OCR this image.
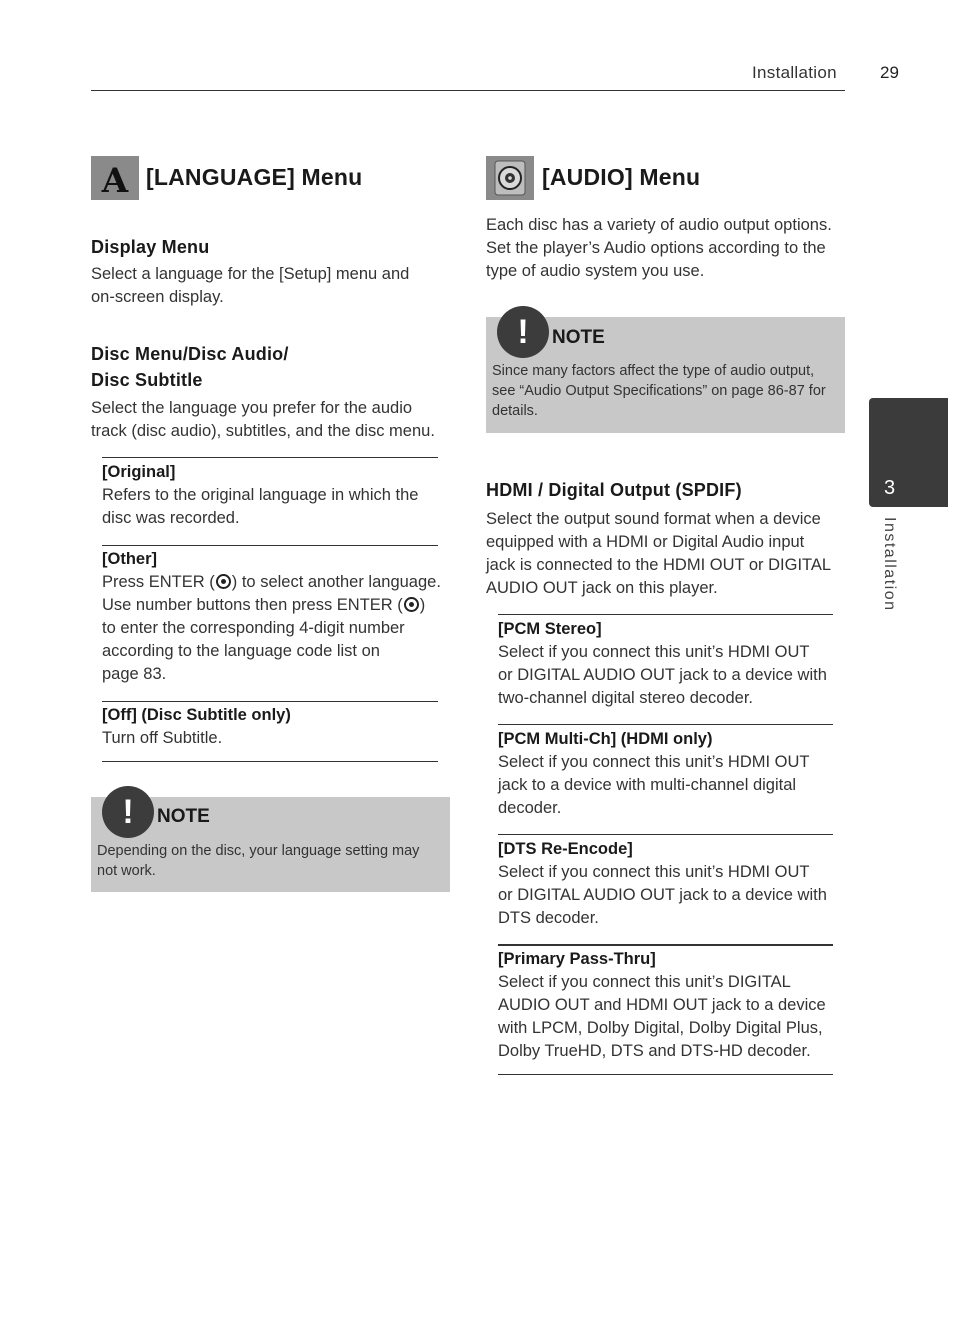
Installation	29
A [LANGUAGE] Menu
Display Menu
Select a language for the [Setup] menu and
on-screen display.
Disc Menu/Disc Audio/
Disc Subtitle
Select the language you prefer for the audio
track (disc audio), subtitles, and the disc menu.
[Original]
Refers to the original language in which the
disc was recorded.
[Other]
Press ENTER ( ) to select another language.
Use number buttons then press ENTER ( )
to enter the corresponding 4-digit number
according to the language code list on
page 83.
[Off] (Disc Subtitle only)
Turn off Subtitle.
!	NOTE
Depending on the disc, your language setting may
not work.
[AUDIO] Menu
Each disc has a variety of audio output options.
Set the player’s Audio options according to the
type of audio system you use.
!	NOTE
Since many factors affect the type of audio output,
see “Audio Output Specifications” on page 86-87 for
details.
HDMI / Digital Output (SPDIF)
Select the output sound format when a device
equipped with a HDMI or Digital Audio input
jack is connected to the HDMI OUT or DIGITAL
AUDIO OUT jack on this player.
[PCM Stereo]
Select if you connect this unit’s HDMI OUT
or DIGITAL AUDIO OUT jack to a device with
two-channel digital stereo decoder.
[PCM Multi-Ch] (HDMI only)
Select if you connect this unit’s HDMI OUT
jack to a device with multi-channel digital
decoder.
[DTS Re-Encode]
Select if you connect this unit’s HDMI OUT
or DIGITAL AUDIO OUT jack to a device with
DTS decoder.
[Primary Pass-Thru]
Select if you connect this unit’s DIGITAL
AUDIO OUT and HDMI OUT jack to a device
with LPCM, Dolby Digital, Dolby Digital Plus,
Dolby TrueHD, DTS and DTS-HD decoder.
3
Installation
